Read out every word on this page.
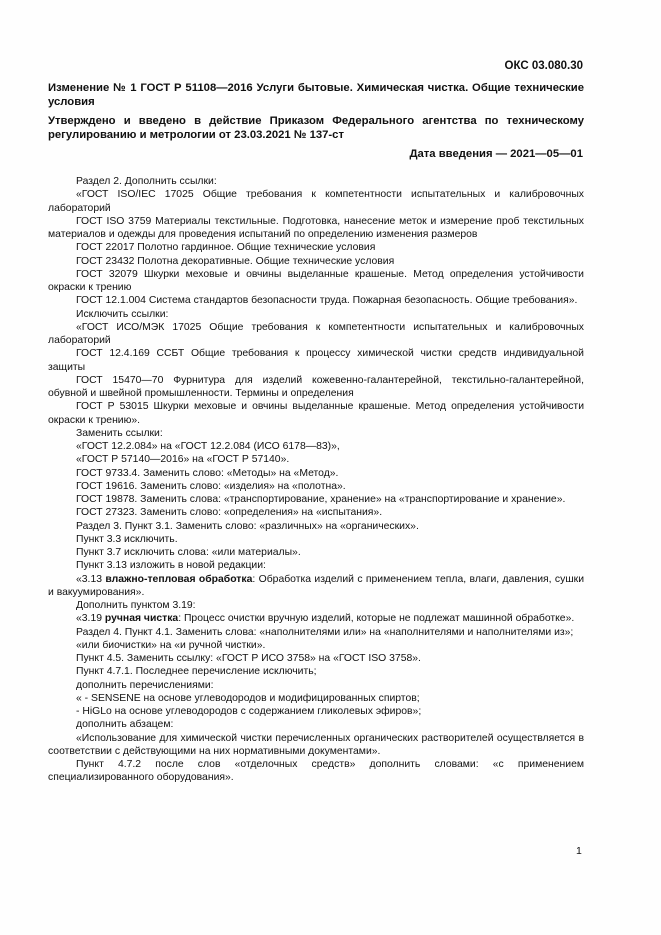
ОКС 03.080.30
Изменение № 1 ГОСТ Р 51108—2016 Услуги бытовые. Химическая чистка. Общие технические условия
Утверждено и введено в действие Приказом Федерального агентства по техническому регулированию и метрологии от 23.03.2021 № 137-ст
Дата введения — 2021—05—01

Раздел 2. Дополнить ссылки:

«ГОСТ ISO/IEC 17025 Общие требования к компетентности испытательных и калибровочных лабораторий

ГОСТ ISO 3759 Материалы текстильные. Подготовка, нанесение меток и измерение проб текстильных материалов и одежды для проведения испытаний по определению изменения размеров

ГОСТ 22017 Полотно гардинное. Общие технические условия

ГОСТ 23432 Полотна декоративные. Общие технические условия

ГОСТ 32079 Шкурки меховые и овчины выделанные крашеные. Метод определения устойчивости окраски к трению

ГОСТ 12.1.004 Система стандартов безопасности труда. Пожарная безопасность. Общие требования».

Исключить ссылки:

«ГОСТ ИСО/МЭК 17025 Общие требования к компетентности испытательных и калибровочных лабораторий

ГОСТ 12.4.169 ССБТ Общие требования к процессу химической чистки средств индивидуальной защиты

ГОСТ 15470—70 Фурнитура для изделий кожевенно-галантерейной, текстильно-галантерейной, обувной и швейной промышленности. Термины и определения

ГОСТ Р 53015 Шкурки меховые и овчины выделанные крашеные. Метод определения устойчивости окраски к трению».

Заменить ссылки:

«ГОСТ 12.2.084» на «ГОСТ 12.2.084 (ИСО 6178—83)»,

«ГОСТ Р 57140—2016» на «ГОСТ Р 57140».

ГОСТ 9733.4. Заменить слово: «Методы» на «Метод».

ГОСТ 19616. Заменить слово: «изделия» на «полотна».

ГОСТ 19878. Заменить слова: «транспортирование, хранение» на «транспортирование и хранение».

ГОСТ 27323. Заменить слово: «определения» на «испытания».

Раздел 3. Пункт 3.1. Заменить слово: «различных» на «органических».

Пункт 3.3 исключить.

Пункт 3.7 исключить слова: «или материалы».

Пункт 3.13 изложить в новой редакции:

«3.13 влажно-тепловая обработка: Обработка изделий с применением тепла, влаги, давления, сушки и вакуумирования».

Дополнить пунктом 3.19:

«3.19 ручная чистка: Процесс очистки вручную изделий, которые не подлежат машинной обработке».

Раздел 4. Пункт 4.1. Заменить слова: «наполнителями или» на «наполнителями и наполнителями из»;

«или биочистки» на «и ручной чистки».

Пункт 4.5. Заменить ссылку: «ГОСТ Р ИСО 3758» на «ГОСТ ISO 3758».

Пункт 4.7.1. Последнее перечисление исключить;

дополнить перечислениями:

« - SENSENE на основе углеводородов и модифицированных спиртов;

- HiGLo на основе углеводородов с содержанием гликолевых эфиров»;

дополнить абзацем:

«Использование для химической чистки перечисленных органических растворителей осуществляется в соответствии с действующими на них нормативными документами».

Пункт 4.7.2 после слов «отделочных средств» дополнить словами: «с применением специализированного оборудования».

1
